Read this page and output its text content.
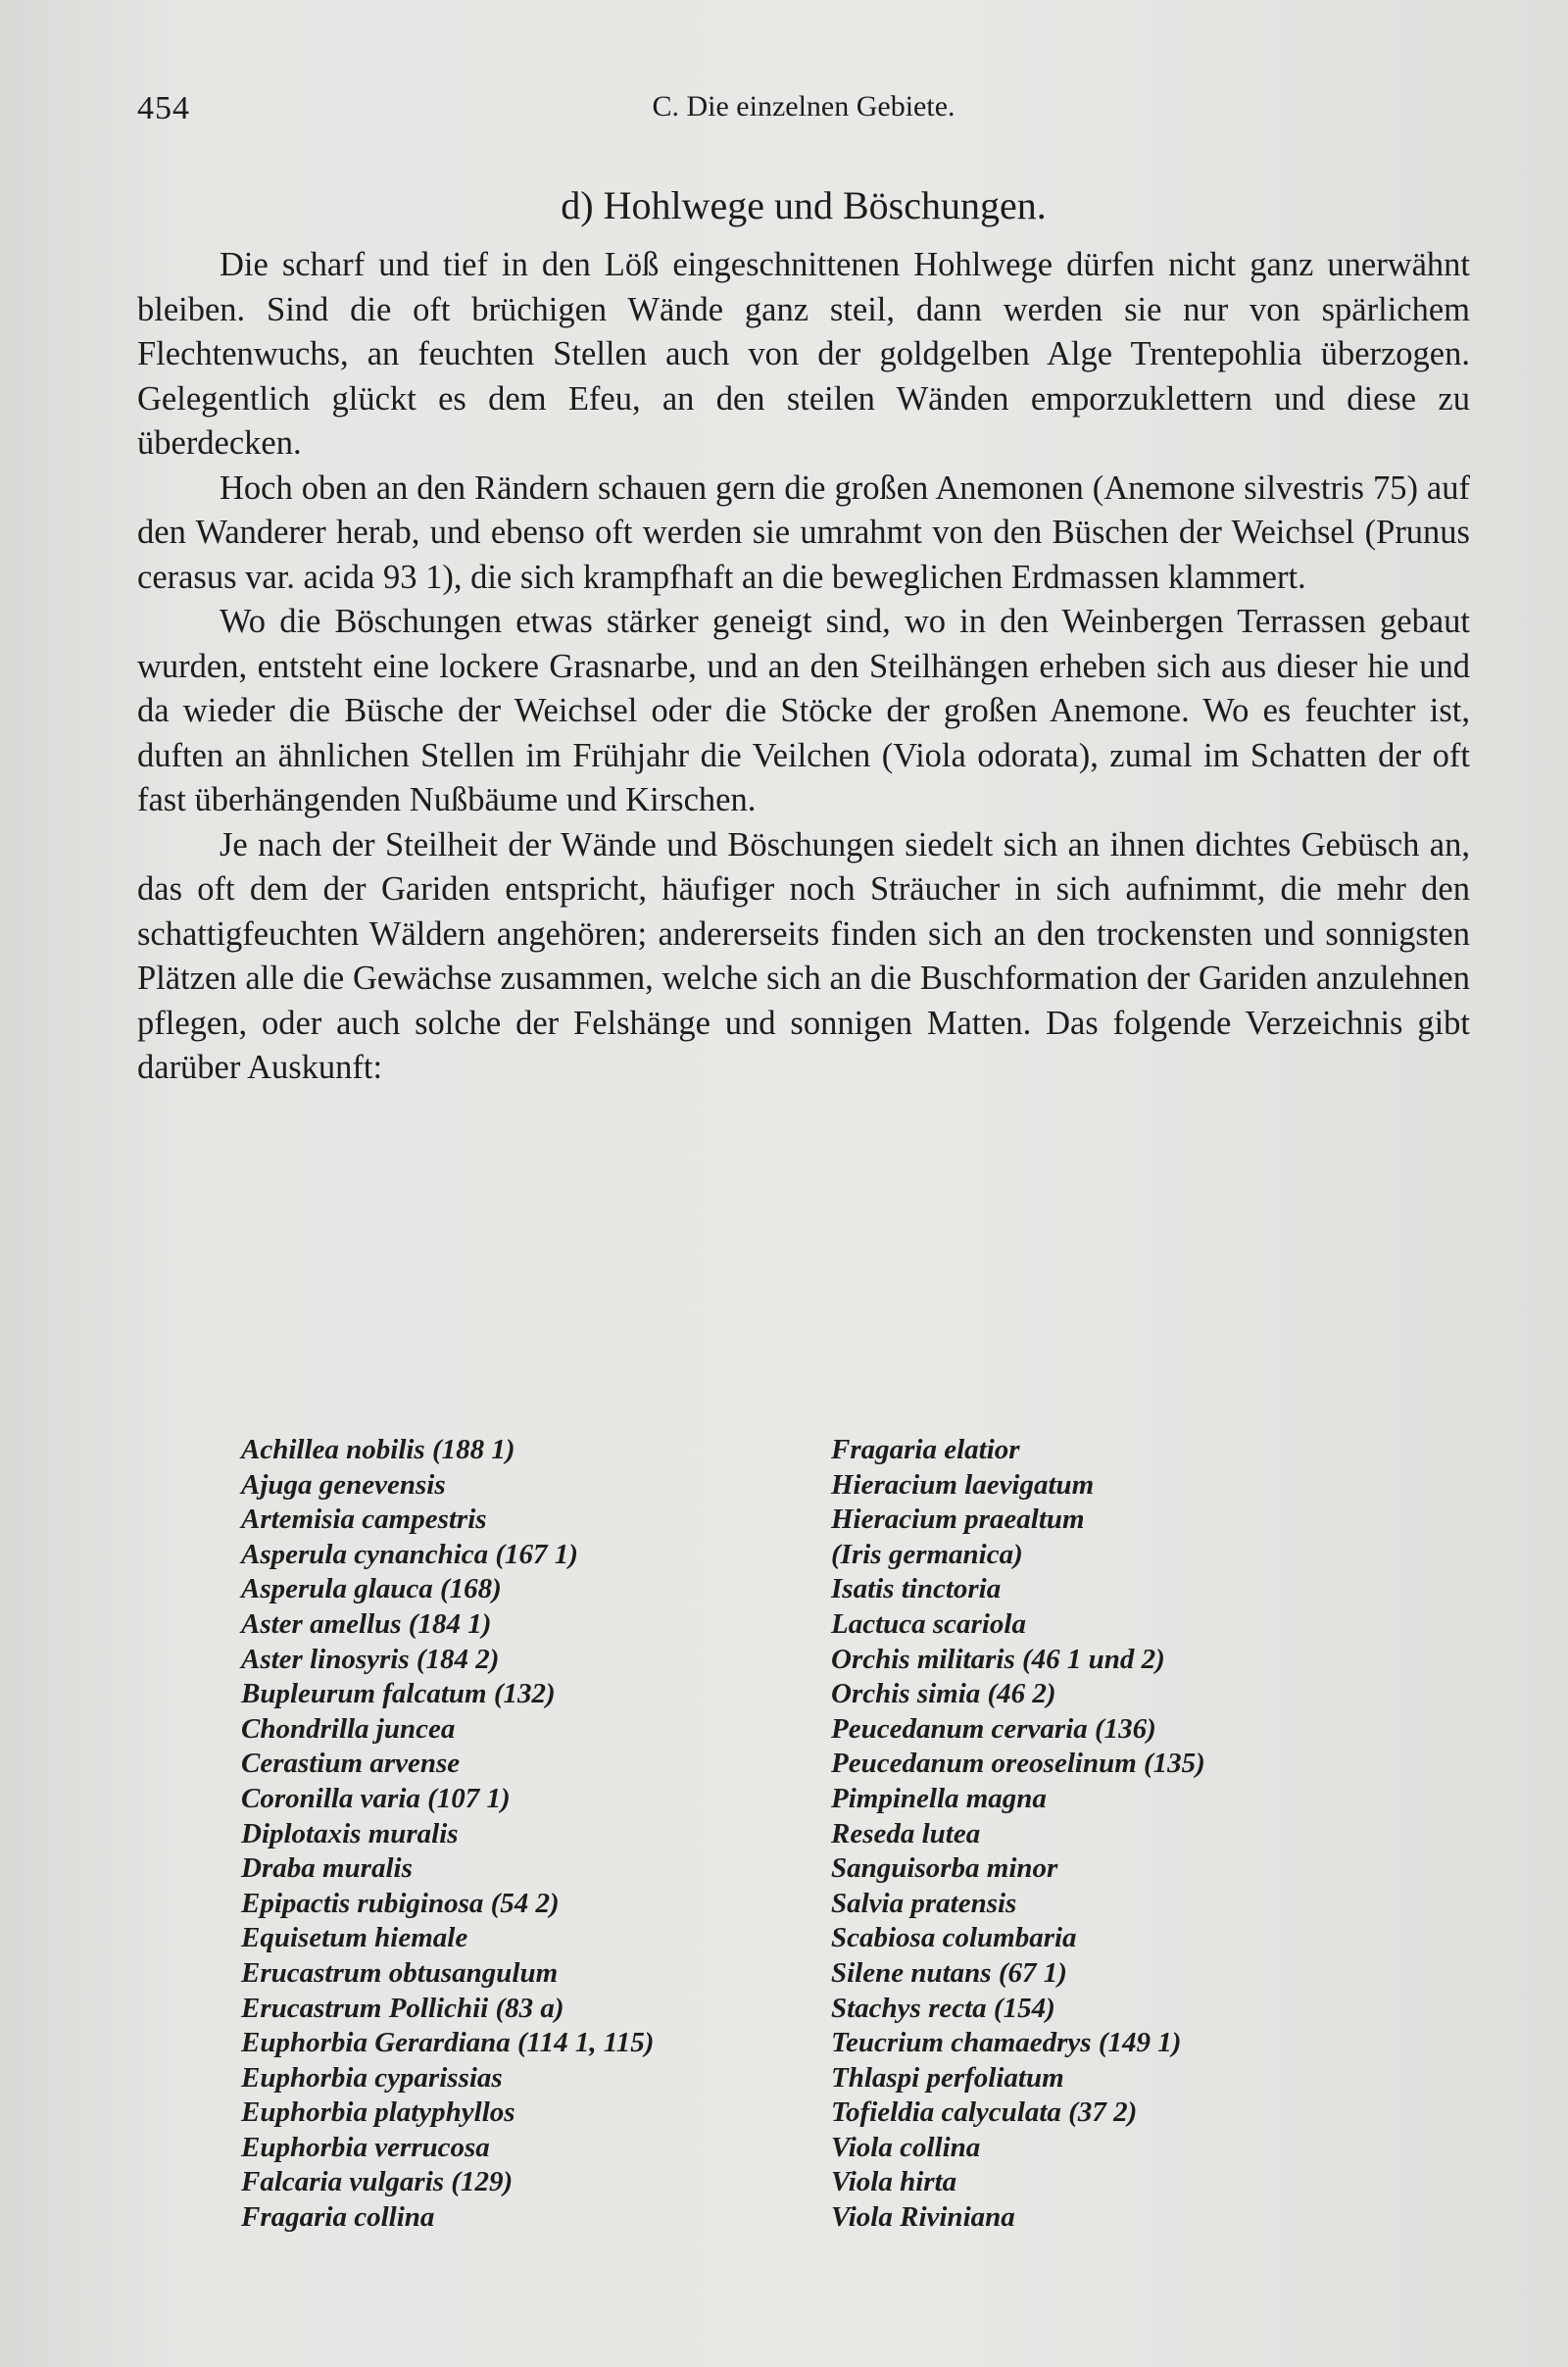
454	C. Die einzelnen Gebiete.
d) Hohlwege und Böschungen.

Die scharf und tief in den Löß eingeschnittenen Hohlwege dürfen nicht ganz unerwähnt bleiben. Sind die oft brüchigen Wände ganz steil, dann werden sie nur von spärlichem Flechtenwuchs, an feuchten Stellen auch von der goldgelben Alge Trentepohlia überzogen. Gelegentlich glückt es dem Efeu, an den steilen Wänden emporzuklettern und diese zu überdecken.

Hoch oben an den Rändern schauen gern die großen Anemonen (Anemone silvestris 75) auf den Wanderer herab, und ebenso oft werden sie umrahmt von den Büschen der Weichsel (Prunus cerasus var. acida 93 1), die sich krampfhaft an die beweglichen Erdmassen klammert.

Wo die Böschungen etwas stärker geneigt sind, wo in den Weinbergen Terrassen gebaut wurden, entsteht eine lockere Grasnarbe, und an den Steilhängen erheben sich aus dieser hie und da wieder die Büsche der Weichsel oder die Stöcke der großen Anemone. Wo es feuchter ist, duften an ähnlichen Stellen im Frühjahr die Veilchen (Viola odorata), zumal im Schatten der oft fast überhängenden Nußbäume und Kirschen.

Je nach der Steilheit der Wände und Böschungen siedelt sich an ihnen dichtes Gebüsch an, das oft dem der Gariden entspricht, häufiger noch Sträucher in sich aufnimmt, die mehr den schattigfeuchten Wäldern angehören; andererseits finden sich an den trockensten und sonnigsten Plätzen alle die Gewächse zusammen, welche sich an die Buschformation der Gariden anzulehnen pflegen, oder auch solche der Felshänge und sonnigen Matten. Das folgende Verzeichnis gibt darüber Auskunft:

Achillea nobilis (188 1)
Ajuga genevensis
Artemisia campestris
Asperula cynanchica (167 1)
Asperula glauca (168)
Aster amellus (184 1)
Aster linosyris (184 2)
Bupleurum falcatum (132)
Chondrilla juncea
Cerastium arvense
Coronilla varia (107 1)
Diplotaxis muralis
Draba muralis
Epipactis rubiginosa (54 2)
Equisetum hiemale
Erucastrum obtusangulum
Erucastrum Pollichii (83 a)
Euphorbia Gerardiana (114 1, 115)
Euphorbia cyparissias
Euphorbia platyphyllos
Euphorbia verrucosa
Falcaria vulgaris (129)
Fragaria collina
Fragaria elatior
Hieracium laevigatum
Hieracium praealtum
(Iris germanica)
Isatis tinctoria
Lactuca scariola
Orchis militaris (46 1 und 2)
Orchis simia (46 2)
Peucedanum cervaria (136)
Peucedanum oreoselinum (135)
Pimpinella magna
Reseda lutea
Sanguisorba minor
Salvia pratensis
Scabiosa columbaria
Silene nutans (67 1)
Stachys recta (154)
Teucrium chamaedrys (149 1)
Thlaspi perfoliatum
Tofieldia calyculata (37 2)
Viola collina
Viola hirta
Viola Riviniana
